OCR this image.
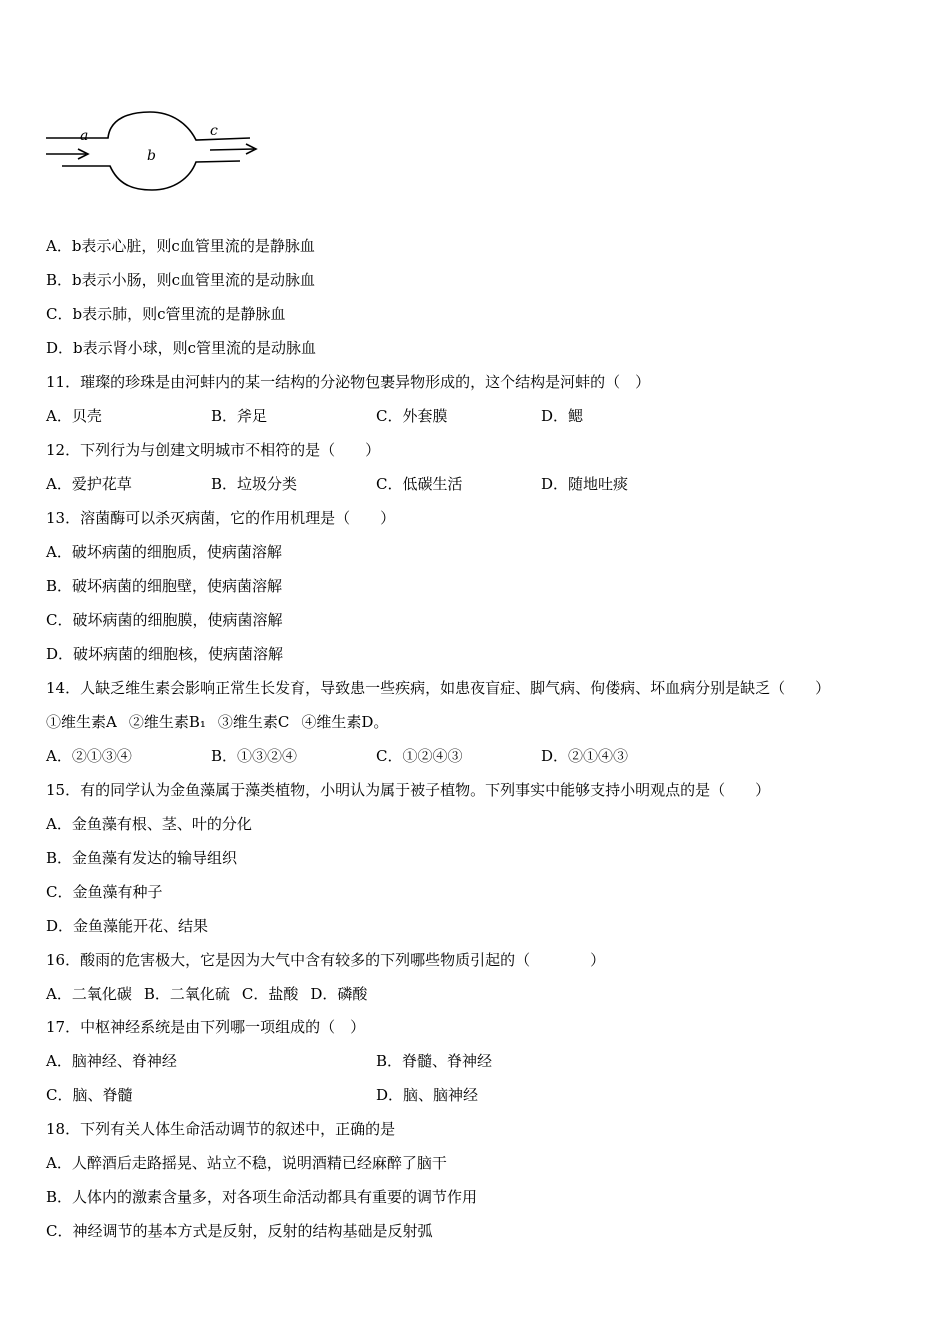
a
b
c
A．b表示心脏，则c血管里流的是静脉血
B．b表示小肠，则c血管里流的是动脉血
C．b表示肺，则c管里流的是静脉血
D．b表示肾小球，则c管里流的是动脉血
11．璀璨的珍珠是由河蚌内的某一结构的分泌物包裹异物形成的，这个结构是河蚌的（　）
A．贝壳	B．斧足	C．外套膜	D．鳃
12．下列行为与创建文明城市不相符的是（　　）
A．爱护花草	B．垃圾分类	C．低碳生活	D．随地吐痰
13．溶菌酶可以杀灭病菌，它的作用机理是（　　）
A．破坏病菌的细胞质，使病菌溶解
B．破坏病菌的细胞壁，使病菌溶解
C．破坏病菌的细胞膜，使病菌溶解
D．破坏病菌的细胞核，使病菌溶解
14．人缺乏维生素会影响正常生长发育，导致患一些疾病，如患夜盲症、脚气病、佝偻病、坏血病分别是缺乏（　　）
①维生素A ②维生素B₁ ③维生素C ④维生素D。
A．②①③④	B．①③②④	C．①②④③	D．②①④③
15．有的同学认为金鱼藻属于藻类植物，小明认为属于被子植物。下列事实中能够支持小明观点的是（　　）
A．金鱼藻有根、茎、叶的分化
B．金鱼藻有发达的输导组织
C．金鱼藻有种子
D．金鱼藻能开花、结果
16．酸雨的危害极大，它是因为大气中含有较多的下列哪些物质引起的（　　　　）
A．二氧化碳 B．二氧化硫 C．盐酸 D．磷酸
17．中枢神经系统是由下列哪一项组成的（　）
A．脑神经、脊神经	B．脊髓、脊神经
C．脑、脊髓	D．脑、脑神经
18．下列有关人体生命活动调节的叙述中，正确的是
A．人醉酒后走路摇晃、站立不稳，说明酒精已经麻醉了脑干
B．人体内的激素含量多，对各项生命活动都具有重要的调节作用
C．神经调节的基本方式是反射，反射的结构基础是反射弧
